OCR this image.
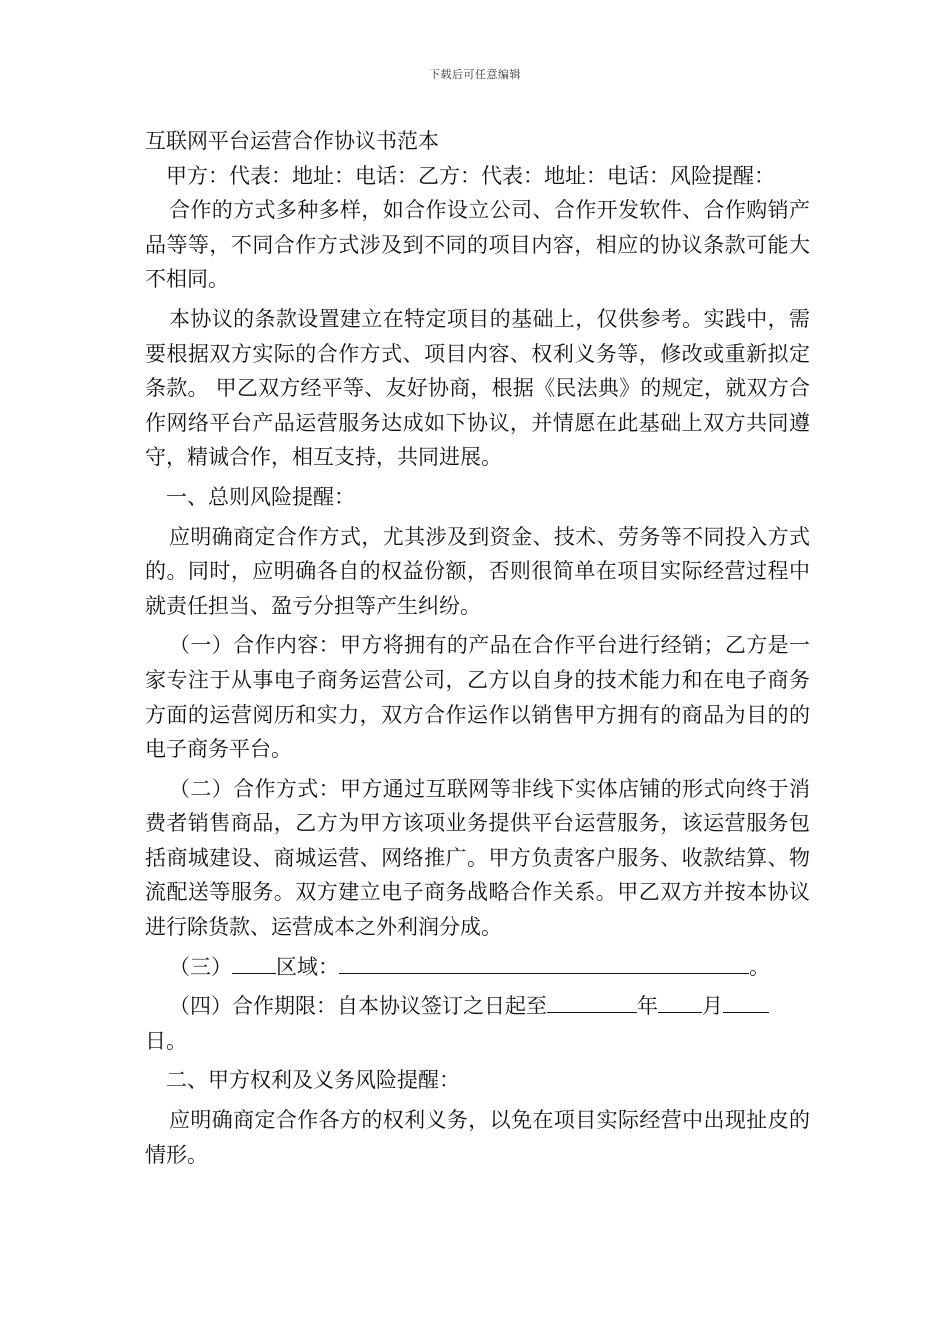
下载后可任意编辑

互联网平台运营合作协议书范本

甲方：代表：地址：电话：乙方：代表：地址：电话：风险提醒：

合作的方式多种多样，如合作设立公司、合作开发软件、合作购销产品等等，不同合作方式涉及到不同的项目内容，相应的协议条款可能大不相同。

本协议的条款设置建立在特定项目的基础上，仅供参考。实践中，需要根据双方实际的合作方式、项目内容、权利义务等，修改或重新拟定条款。 甲乙双方经平等、友好协商，根据《民法典》的规定，就双方合作网络平台产品运营服务达成如下协议，并情愿在此基础上双方共同遵守，精诚合作，相互支持，共同进展。

一、总则风险提醒：

应明确商定合作方式，尤其涉及到资金、技术、劳务等不同投入方式的。同时，应明确各自的权益份额，否则很简单在项目实际经营过程中就责任担当、盈亏分担等产生纠纷。

（一）合作内容：甲方将拥有的产品在合作平台进行经销；乙方是一家专注于从事电子商务运营公司，乙方以自身的技术能力和在电子商务方面的运营阅历和实力，双方合作运作以销售甲方拥有的商品为目的的电子商务平台。

（二）合作方式：甲方通过互联网等非线下实体店铺的形式向终于消费者销售商品，乙方为甲方该项业务提供平台运营服务，该运营服务包括商城建设、商城运营、网络推广。甲方负责客户服务、收款结算、物流配送等服务。双方建立电子商务战略合作关系。甲乙双方并按本协议进行除货款、运营成本之外利润分成。

（三） 区域：	。

（四）合作期限：自本协议签订之日起至	年 月
日。

二、甲方权利及义务风险提醒：

应明确商定合作各方的权利义务，以免在项目实际经营中出现扯皮的情形。
